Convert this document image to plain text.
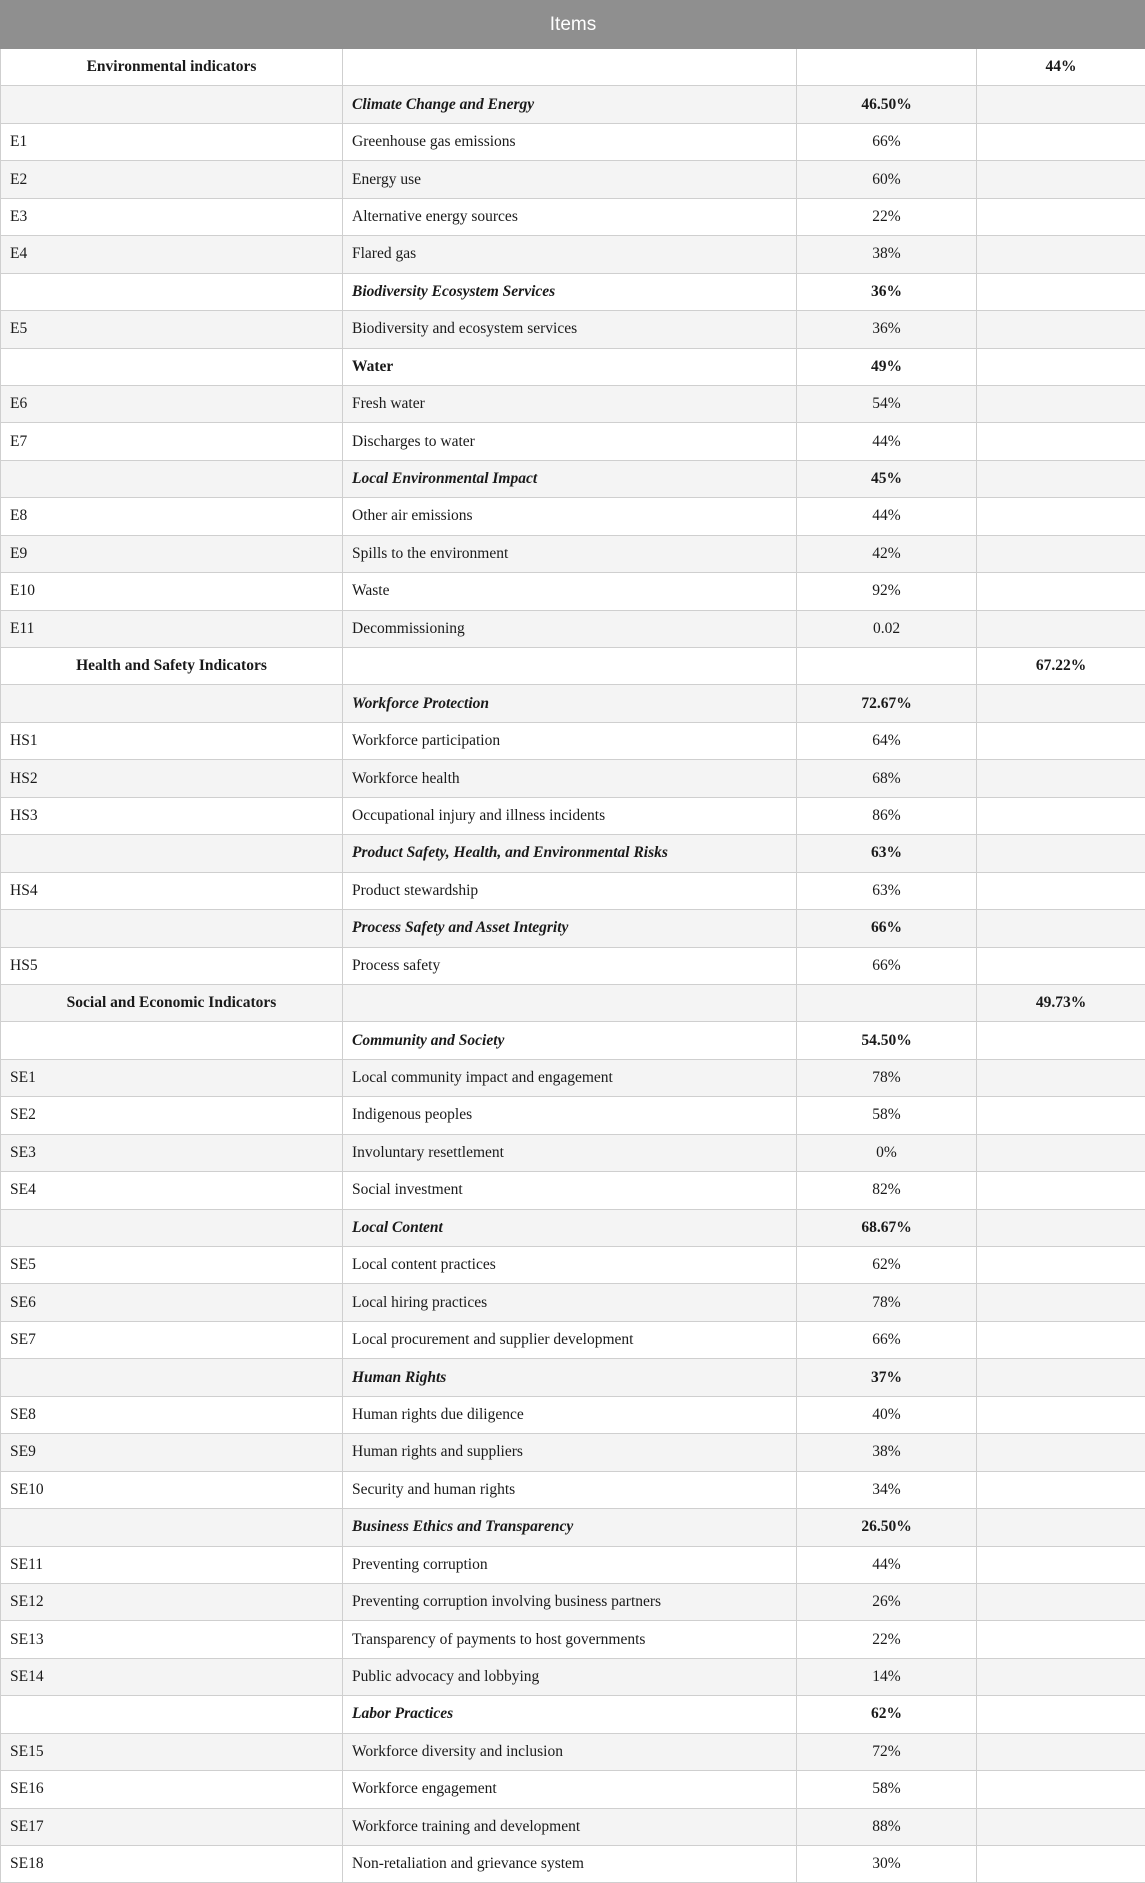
Items			
Environmental indicators			44%
	Climate Change and Energy	46.50%	
E1	Greenhouse gas emissions	66%	
E2	Energy use	60%	
E3	Alternative energy sources	22%	
E4	Flared gas	38%	
	Biodiversity Ecosystem Services	36%	
E5	Biodiversity and ecosystem services	36%	
	Water	49%	
E6	Fresh water	54%	
E7	Discharges to water	44%	
	Local Environmental Impact	45%	
E8	Other air emissions	44%	
E9	Spills to the environment	42%	
E10	Waste	92%	
E11	Decommissioning	0.02	
Health and Safety Indicators			67.22%
	Workforce Protection	72.67%	
HS1	Workforce participation	64%	
HS2	Workforce health	68%	
HS3	Occupational injury and illness incidents	86%	
	Product Safety, Health, and Environmental Risks	63%	
HS4	Product stewardship	63%	
	Process Safety and Asset Integrity	66%	
HS5	Process safety	66%	
Social and Economic Indicators			49.73%
	Community and Society	54.50%	
SE1	Local community impact and engagement	78%	
SE2	Indigenous peoples	58%	
SE3	Involuntary resettlement	0%	
SE4	Social investment	82%	
	Local Content	68.67%	
SE5	Local content practices	62%	
SE6	Local hiring practices	78%	
SE7	Local procurement and supplier development	66%	
	Human Rights	37%	
SE8	Human rights due diligence	40%	
SE9	Human rights and suppliers	38%	
SE10	Security and human rights	34%	
	Business Ethics and Transparency	26.50%	
SE11	Preventing corruption	44%	
SE12	Preventing corruption involving business partners	26%	
SE13	Transparency of payments to host governments	22%	
SE14	Public advocacy and lobbying	14%	
	Labor Practices	62%	
SE15	Workforce diversity and inclusion	72%	
SE16	Workforce engagement	58%	
SE17	Workforce training and development	88%	
SE18	Non-retaliation and grievance system	30%	
